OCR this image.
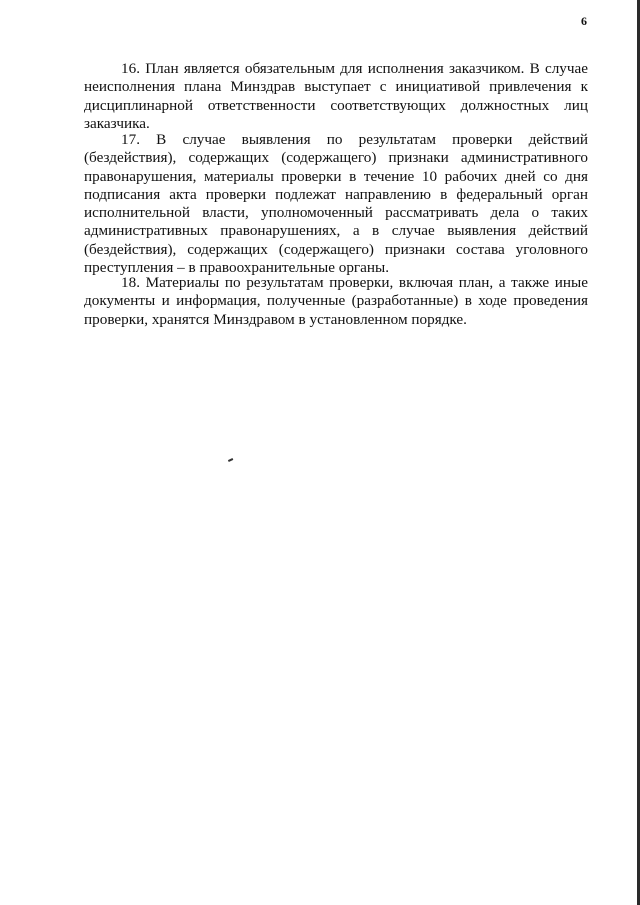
6

16. План является обязательным для исполнения заказчиком. В случае неисполнения плана Минздрав выступает с инициативой привлечения к дисциплинарной ответственности соответствующих должностных лиц заказчика.

17. В случае выявления по результатам проверки действий (бездействия), содержащих (содержащего) признаки административного правонарушения, материалы проверки в течение 10 рабочих дней со дня подписания акта проверки подлежат направлению в федеральный орган исполнительной власти, уполномоченный рассматривать дела о таких административных правонарушениях, а в случае выявления действий (бездействия), содержащих (содержащего) признаки состава уголовного преступления – в правоохранительные органы.

18. Материалы по результатам проверки, включая план, а также иные документы и информация, полученные (разработанные) в ходе проведения проверки, хранятся Минздравом в установленном порядке.
